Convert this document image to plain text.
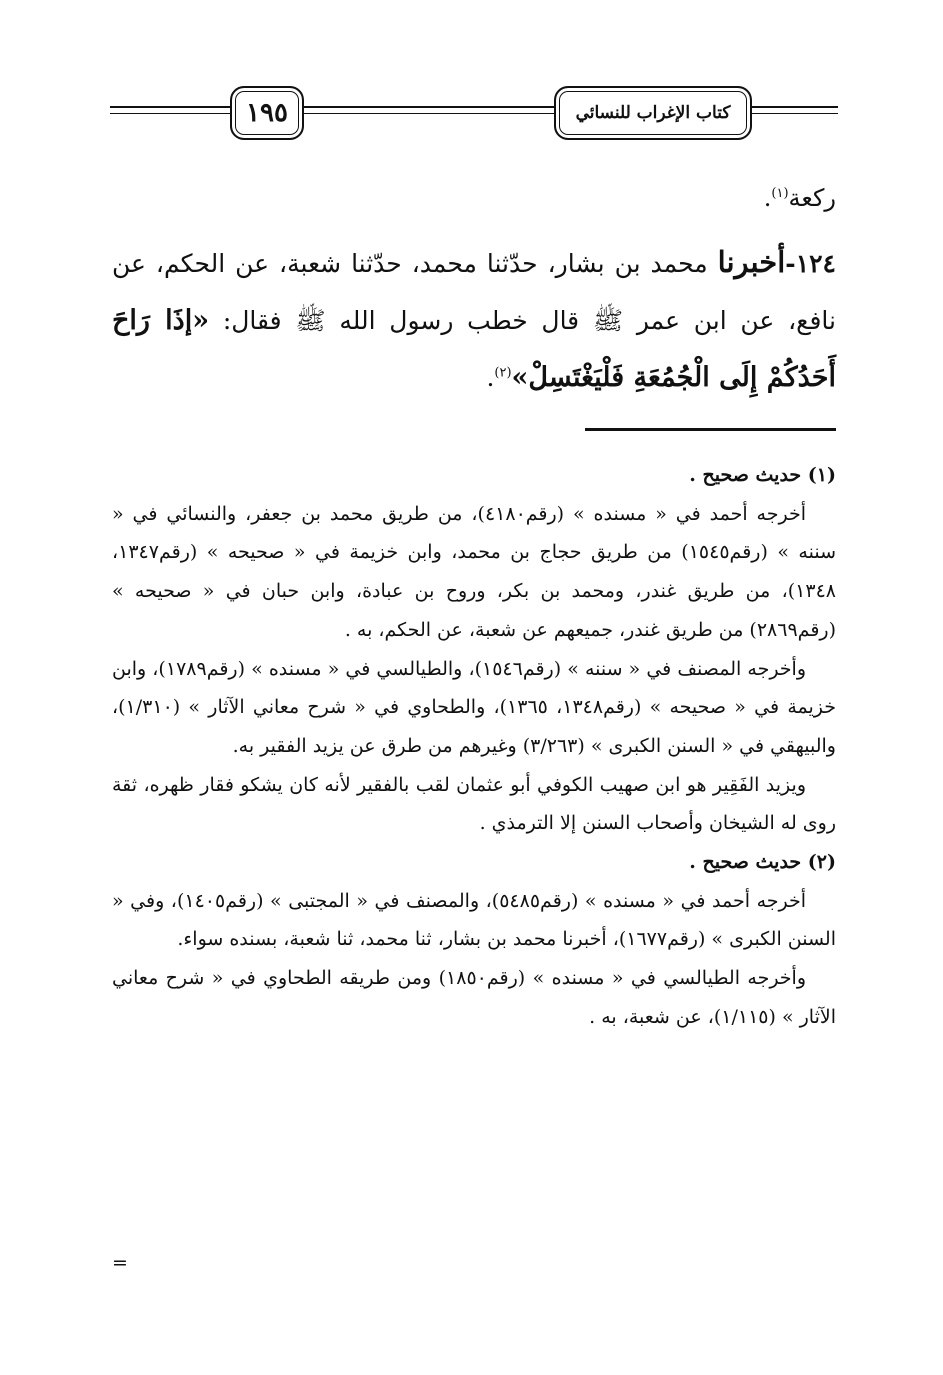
١٩٥	كتاب الإغراب للنسائي
ركعة$^{(١)}$.
١٢٤-أخبرنا محمد بن بشار، حدّثنا محمد، حدّثنا شعبة، عن الحكم، عن نافع، عن ابن عمر ﷺ قال خطب رسول الله ﷺ فقال: «إذَا رَاحَ أَحَدُكُمْ إِلَى الْجُمُعَةِ فَلْيَغْتَسِلْ»$^{(٢)}$.

(١) حديث صحيح .

أخرجه أحمد في « مسنده » (رقم٤١٨٠)، من طريق محمد بن جعفر، والنسائي في « سننه » (رقم١٥٤٥) من طريق حجاج بن محمد، وابن خزيمة في « صحيحه » (رقم١٣٤٧، ١٣٤٨)، من طريق غندر، ومحمد بن بكر، وروح بن عبادة، وابن حبان في « صحيحه » (رقم٢٨٦٩) من طريق غندر، جميعهم عن شعبة، عن الحكم، به .

وأخرجه المصنف في « سننه » (رقم١٥٤٦)، والطيالسي في « مسنده » (رقم١٧٨٩)، وابن خزيمة في « صحيحه » (رقم١٣٤٨، ١٣٦٥)، والطحاوي في « شرح معاني الآثار » (١/٣١٠)، والبيهقي في « السنن الكبرى » (٣/٢٦٣) وغيرهم من طرق عن يزيد الفقير به.

ويزيد الفَقِير هو ابن صهيب الكوفي أبو عثمان لقب بالفقير لأنه كان يشكو فقار ظهره، ثقة روى له الشيخان وأصحاب السنن إلا الترمذي .

(٢) حديث صحيح .

أخرجه أحمد في « مسنده » (رقم٥٤٨٥)، والمصنف في « المجتبى » (رقم١٤٠٥)، وفي « السنن الكبرى » (رقم١٦٧٧)، أخبرنا محمد بن بشار، ثنا محمد، ثنا شعبة، بسنده سواء.

وأخرجه الطيالسي في « مسنده » (رقم١٨٥٠) ومن طريقه الطحاوي في « شرح معاني الآثار » (١/١١٥)، عن شعبة، به .

=
